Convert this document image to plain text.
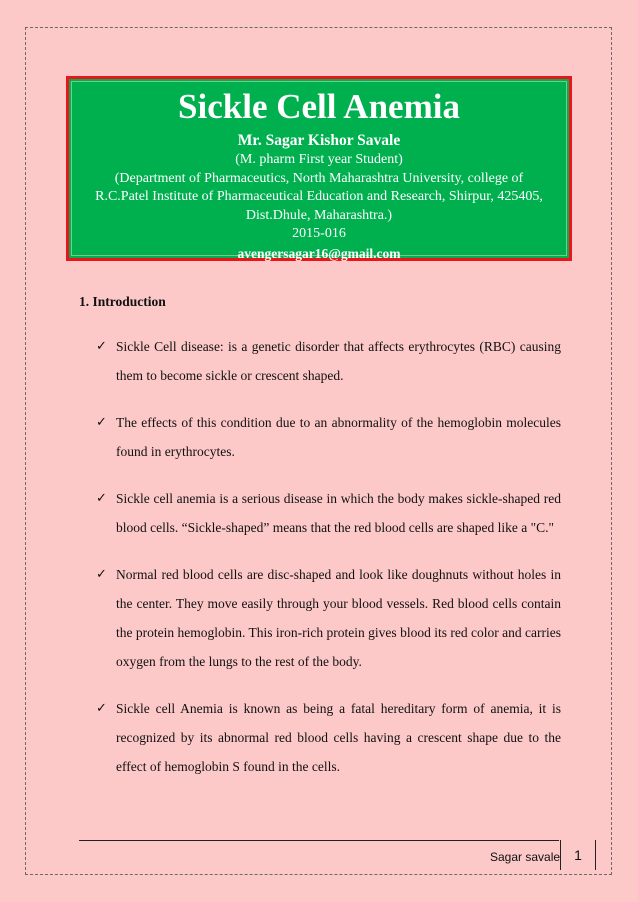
Sickle Cell Anemia
Mr. Sagar Kishor Savale
(M. pharm First year Student)
(Department of Pharmaceutics, North Maharashtra University, college of
R.C.Patel Institute of Pharmaceutical Education and Research, Shirpur, 425405,
Dist.Dhule, Maharashtra.)
2015-016
avengersagar16@gmail.com
1. Introduction
✓ Sickle Cell disease: is a genetic disorder that affects erythrocytes (RBC) causing them to become sickle or crescent shaped.
✓ The effects of this condition due to an abnormality of the hemoglobin molecules found in erythrocytes.
✓ Sickle cell anemia is a serious disease in which the body makes sickle-shaped red blood cells. “Sickle-shaped” means that the red blood cells are shaped like a "C."
✓ Normal red blood cells are disc-shaped and look like doughnuts without holes in the center. They move easily through your blood vessels. Red blood cells contain the protein hemoglobin. This iron-rich protein gives blood its red color and carries oxygen from the lungs to the rest of the body.
✓ Sickle cell Anemia is known as being a fatal hereditary form of anemia, it is recognized by its abnormal red blood cells having a crescent shape due to the effect of hemoglobin S found in the cells.
Sagar savale	1
